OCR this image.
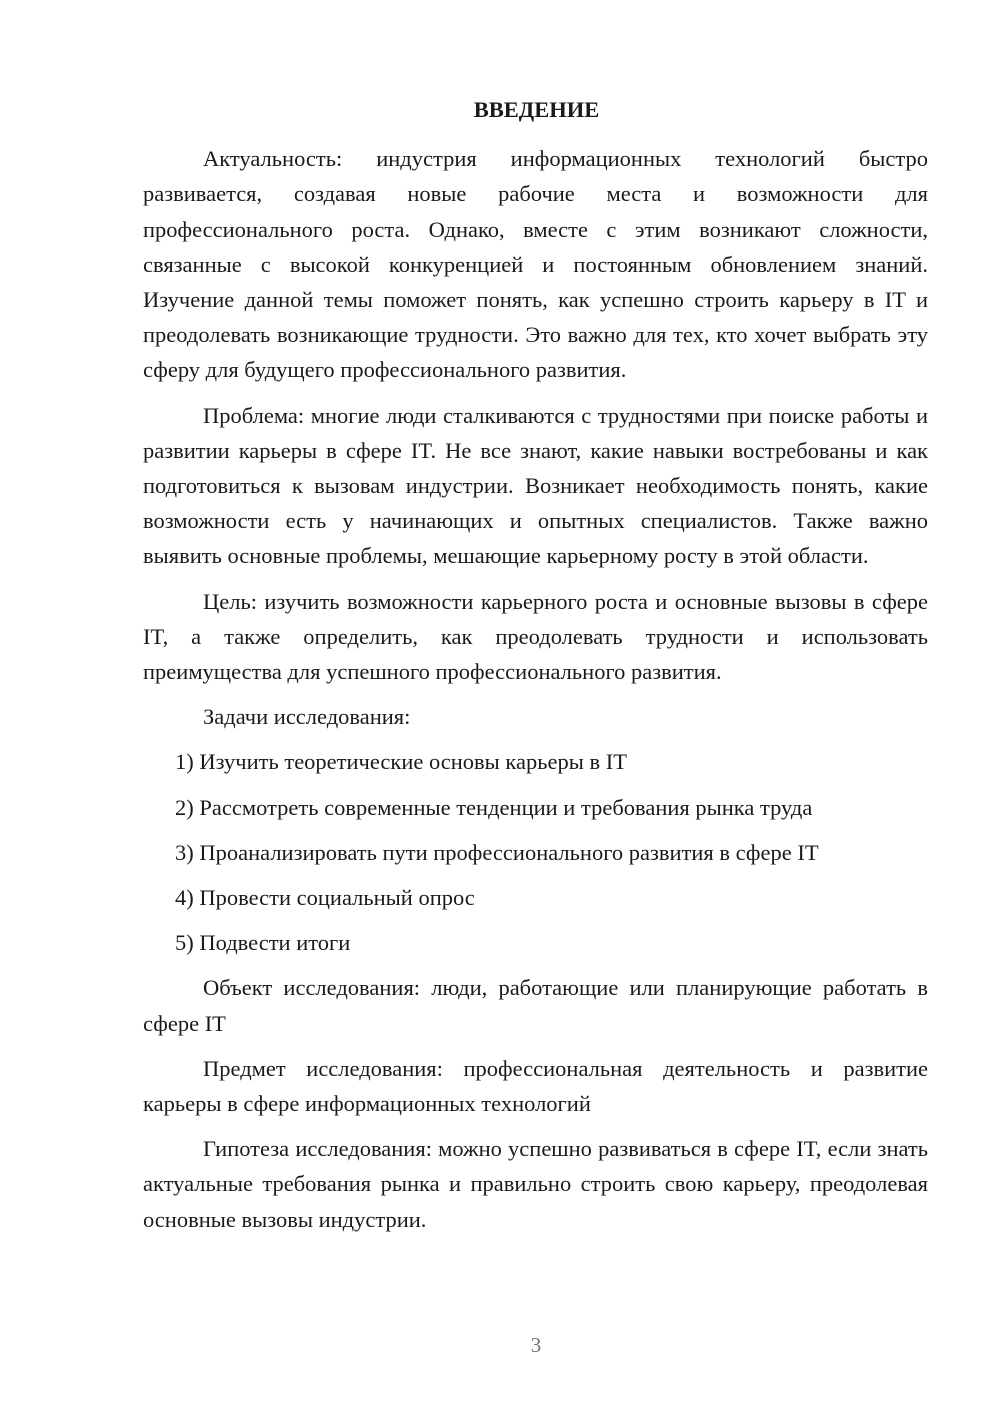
ВВЕДЕНИЕ

Актуальность: индустрия информационных технологий быстро развивается, создавая новые рабочие места и возможности для профессионального роста. Однако, вместе с этим возникают сложности, связанные с высокой конкуренцией и постоянным обновлением знаний. Изучение данной темы поможет понять, как успешно строить карьеру в IT и преодолевать возникающие трудности. Это важно для тех, кто хочет выбрать эту сферу для будущего профессионального развития.

Проблема: многие люди сталкиваются с трудностями при поиске работы и развитии карьеры в сфере IT. Не все знают, какие навыки востребованы и как подготовиться к вызовам индустрии. Возникает необходимость понять, какие возможности есть у начинающих и опытных специалистов. Также важно выявить основные проблемы, мешающие карьерному росту в этой области.

Цель: изучить возможности карьерного роста и основные вызовы в сфере IT, а также определить, как преодолевать трудности и использовать преимущества для успешного профессионального развития.

Задачи исследования:

1) Изучить теоретические основы карьеры в IT

2) Рассмотреть современные тенденции и требования рынка труда

3) Проанализировать пути профессионального развития в сфере IT

4) Провести социальный опрос

5) Подвести итоги

Объект исследования: люди, работающие или планирующие работать в сфере IT

Предмет исследования: профессиональная деятельность и развитие карьеры в сфере информационных технологий

Гипотеза исследования: можно успешно развиваться в сфере IT, если знать актуальные требования рынка и правильно строить свою карьеру, преодолевая основные вызовы индустрии.

3
